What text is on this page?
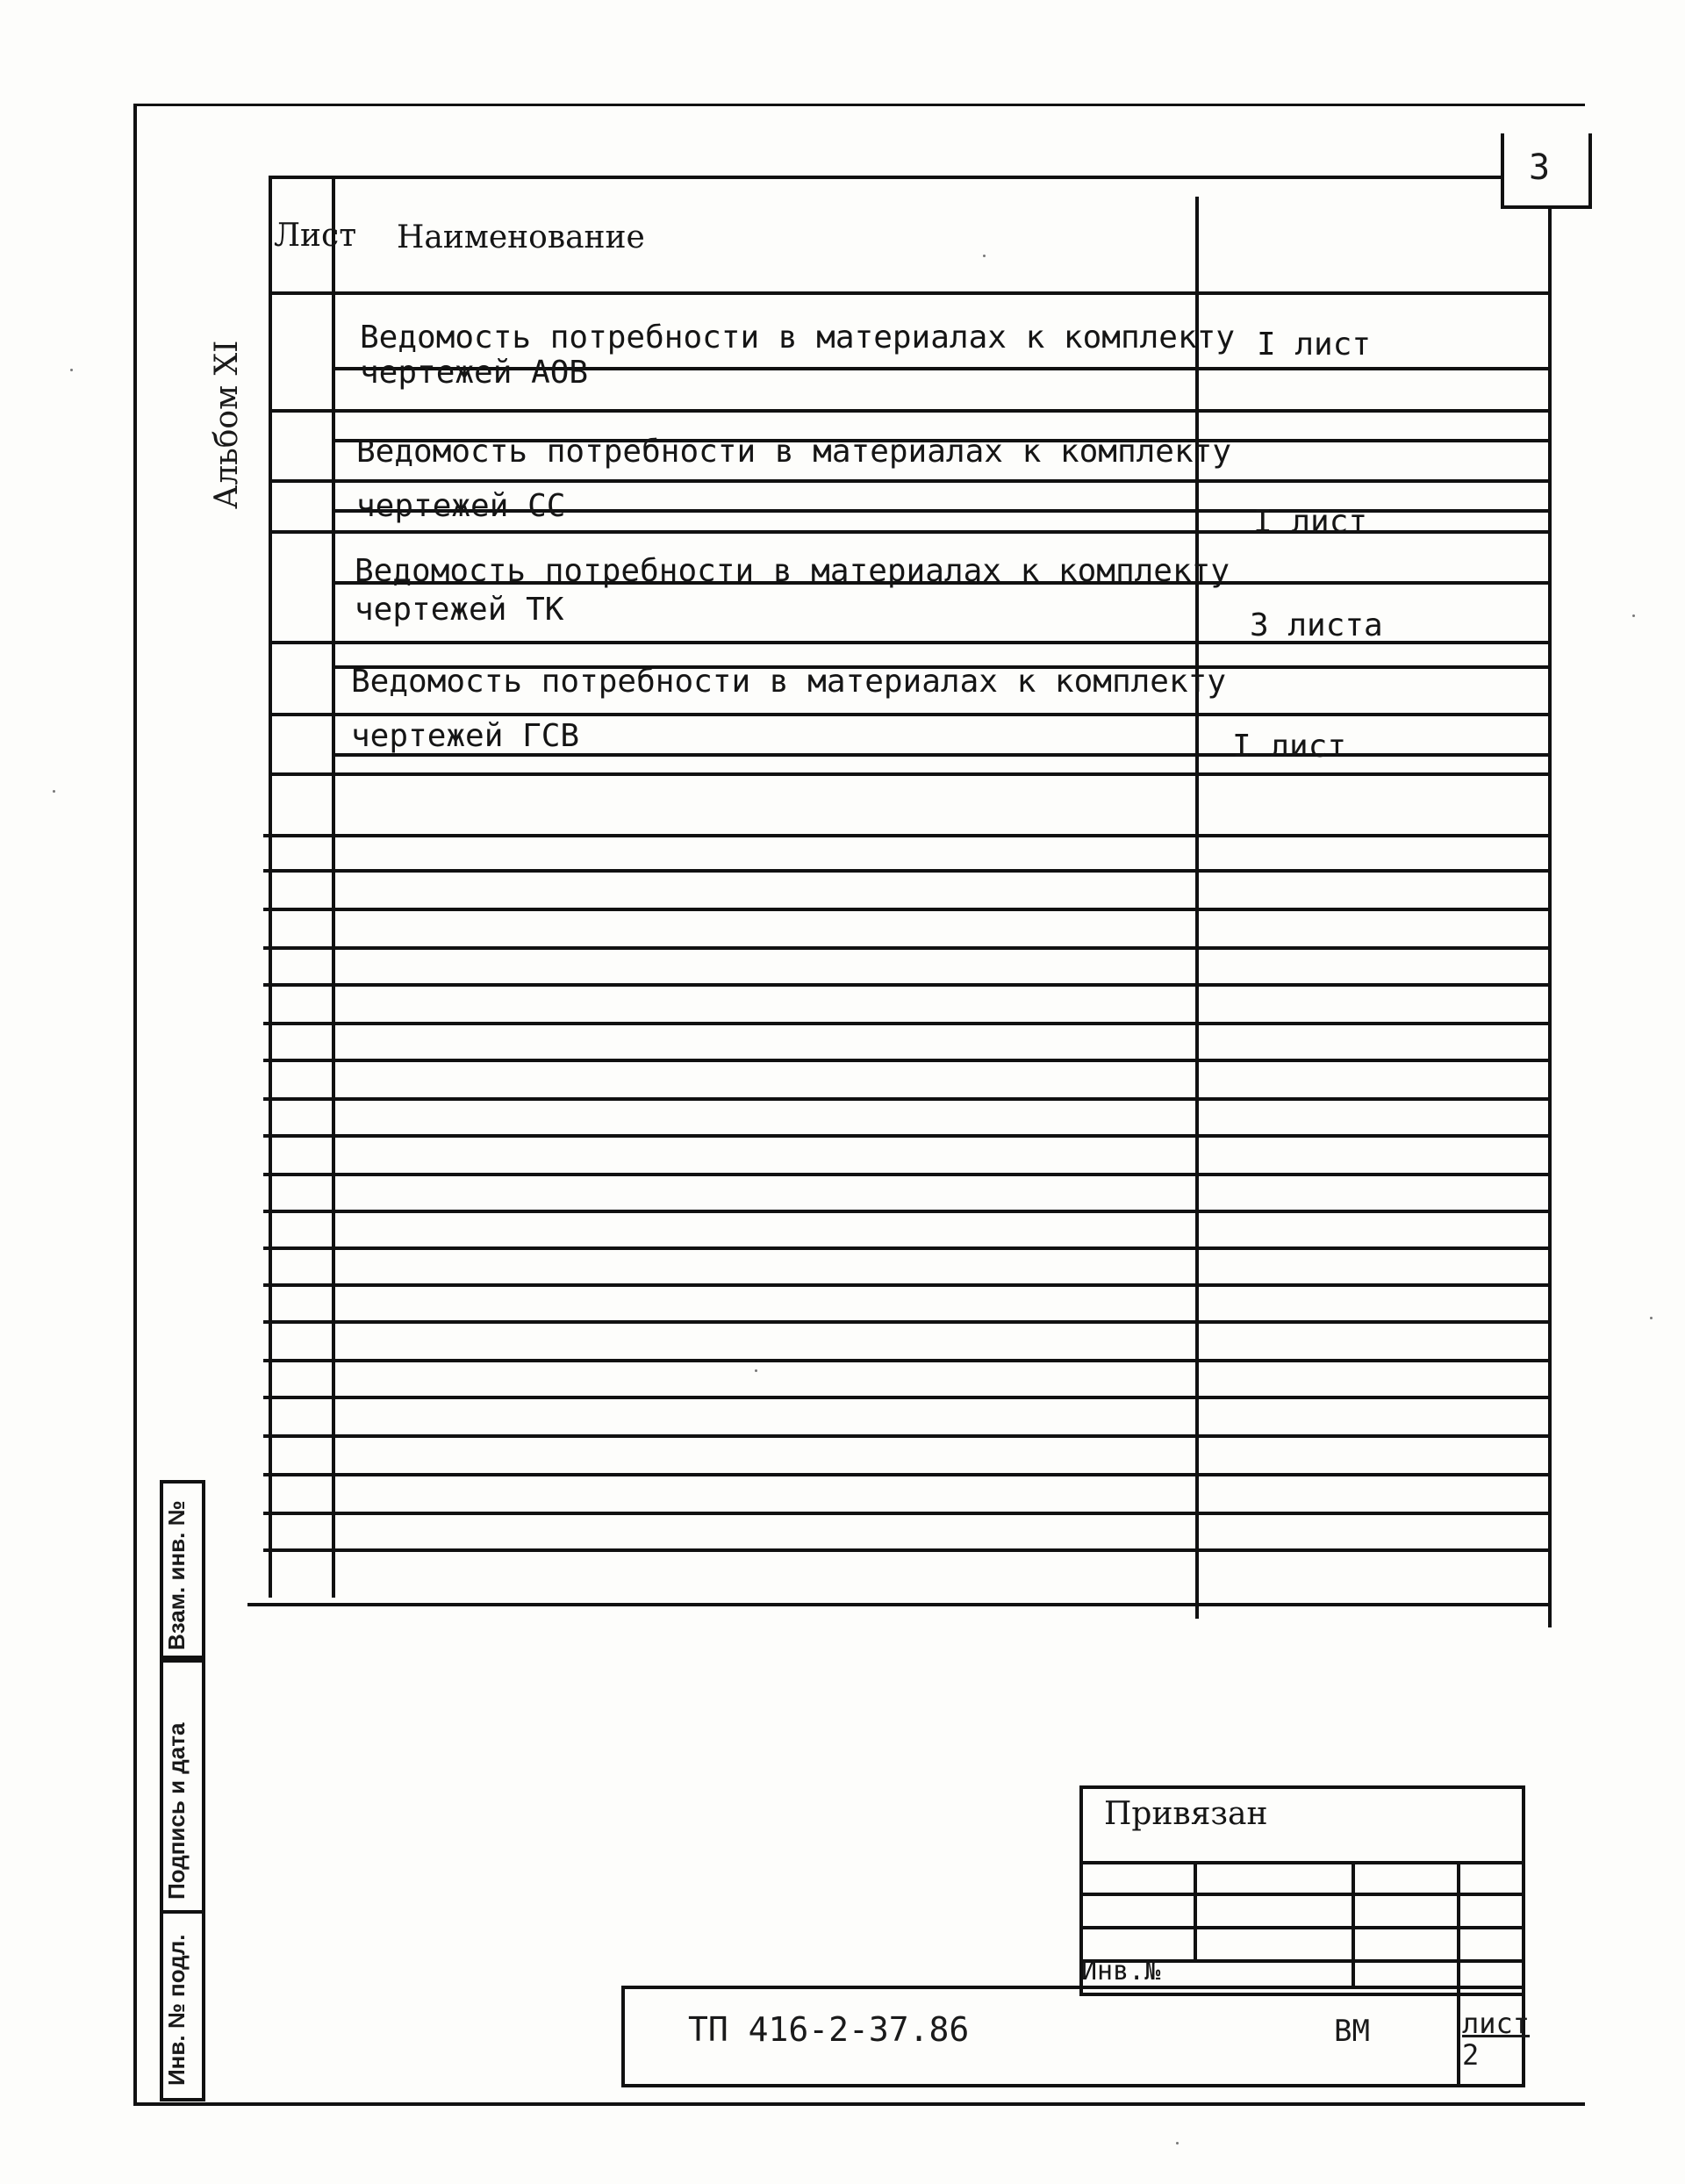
3
Лист Наименование
Ведомость потребности в материалах к комплекту
чертежей АОВ
I лист
Ведомость потребности в материалах к комплекту
чертежей СС	I лист
Ведомость потребности в материалах к комплекту
чертежей ТК	3 листа
Ведомость потребности в материалах к комплекту
чертежей ГСВ	I лист
Альбом XI
Взам. инв. №
Подпись и дата
Инв. № подл.
Привязан
Инв.№
ТП 416-2-37.86	ВМ	лист
2
